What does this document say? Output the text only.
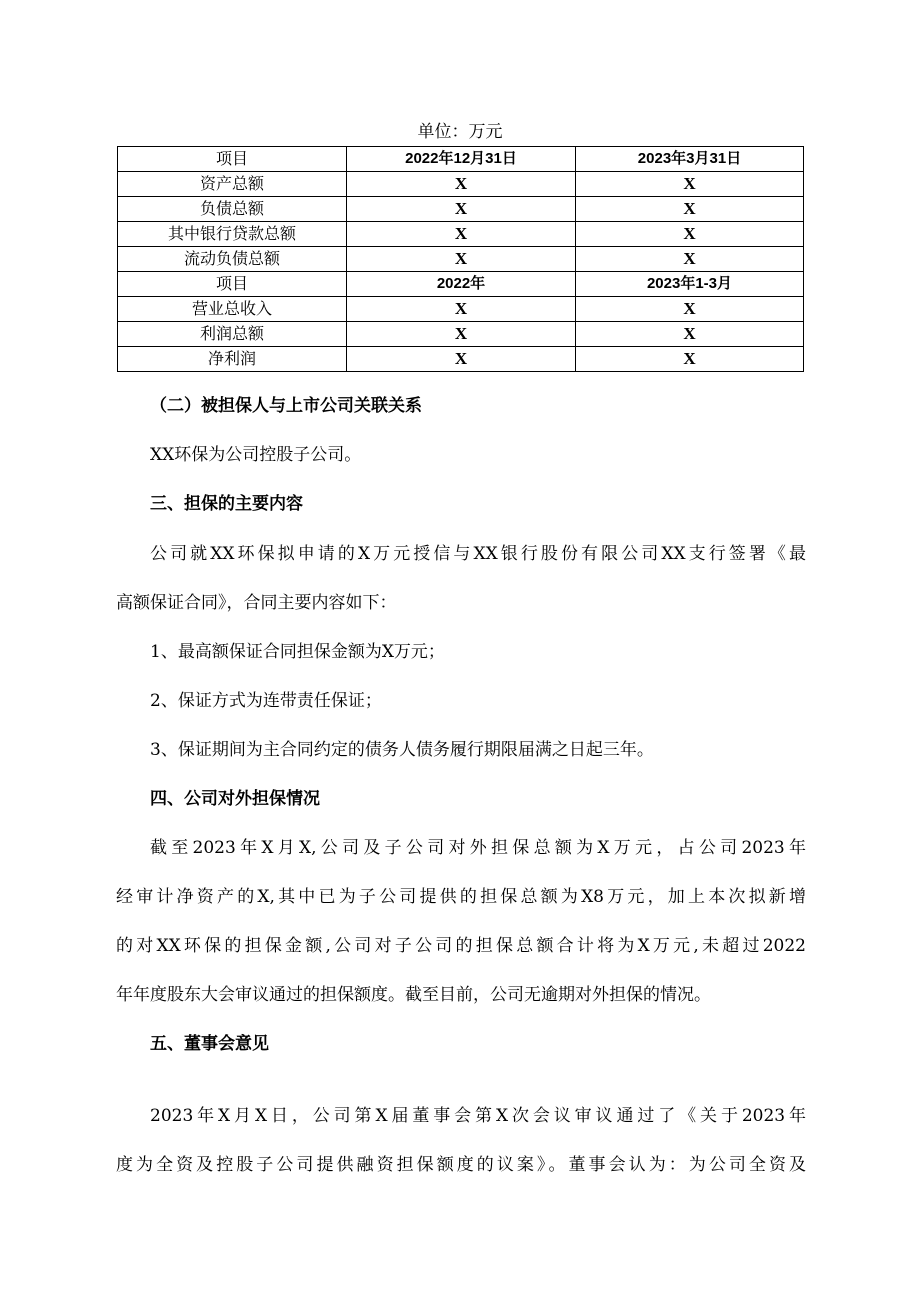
单位：万元
项目	2022年12月31日	2023年3月31日
资产总额	X	X
负债总额	X	X
其中银行贷款总额	X	X
流动负债总额	X	X
项目	2022年	2023年1-3月
营业总收入	X	X
利润总额	X	X
净利润	X	X
（二）被担保人与上市公司关联关系
XX环保为公司控股子公司。
三、担保的主要内容
公司就XX环保拟申请的X万元授信与XX银行股份有限公司XX支行签署《最
高额保证合同》，合同主要内容如下：
1、最高额保证合同担保金额为X万元；
2、保证方式为连带责任保证；
3、保证期间为主合同约定的债务人债务履行期限届满之日起三年。
四、公司对外担保情况
截至2023年X月X,公司及子公司对外担保总额为X万元，占公司2023年
经审计净资产的X,其中已为子公司提供的担保总额为X8万元，加上本次拟新增
的对XX环保的担保金额,公司对子公司的担保总额合计将为X万元,未超过2022
年年度股东大会审议通过的担保额度。截至目前，公司无逾期对外担保的情况。
五、董事会意见
2023年X月X日，公司第X届董事会第X次会议审议通过了《关于2023年
度为全资及控股子公司提供融资担保额度的议案》。董事会认为：为公司全资及
